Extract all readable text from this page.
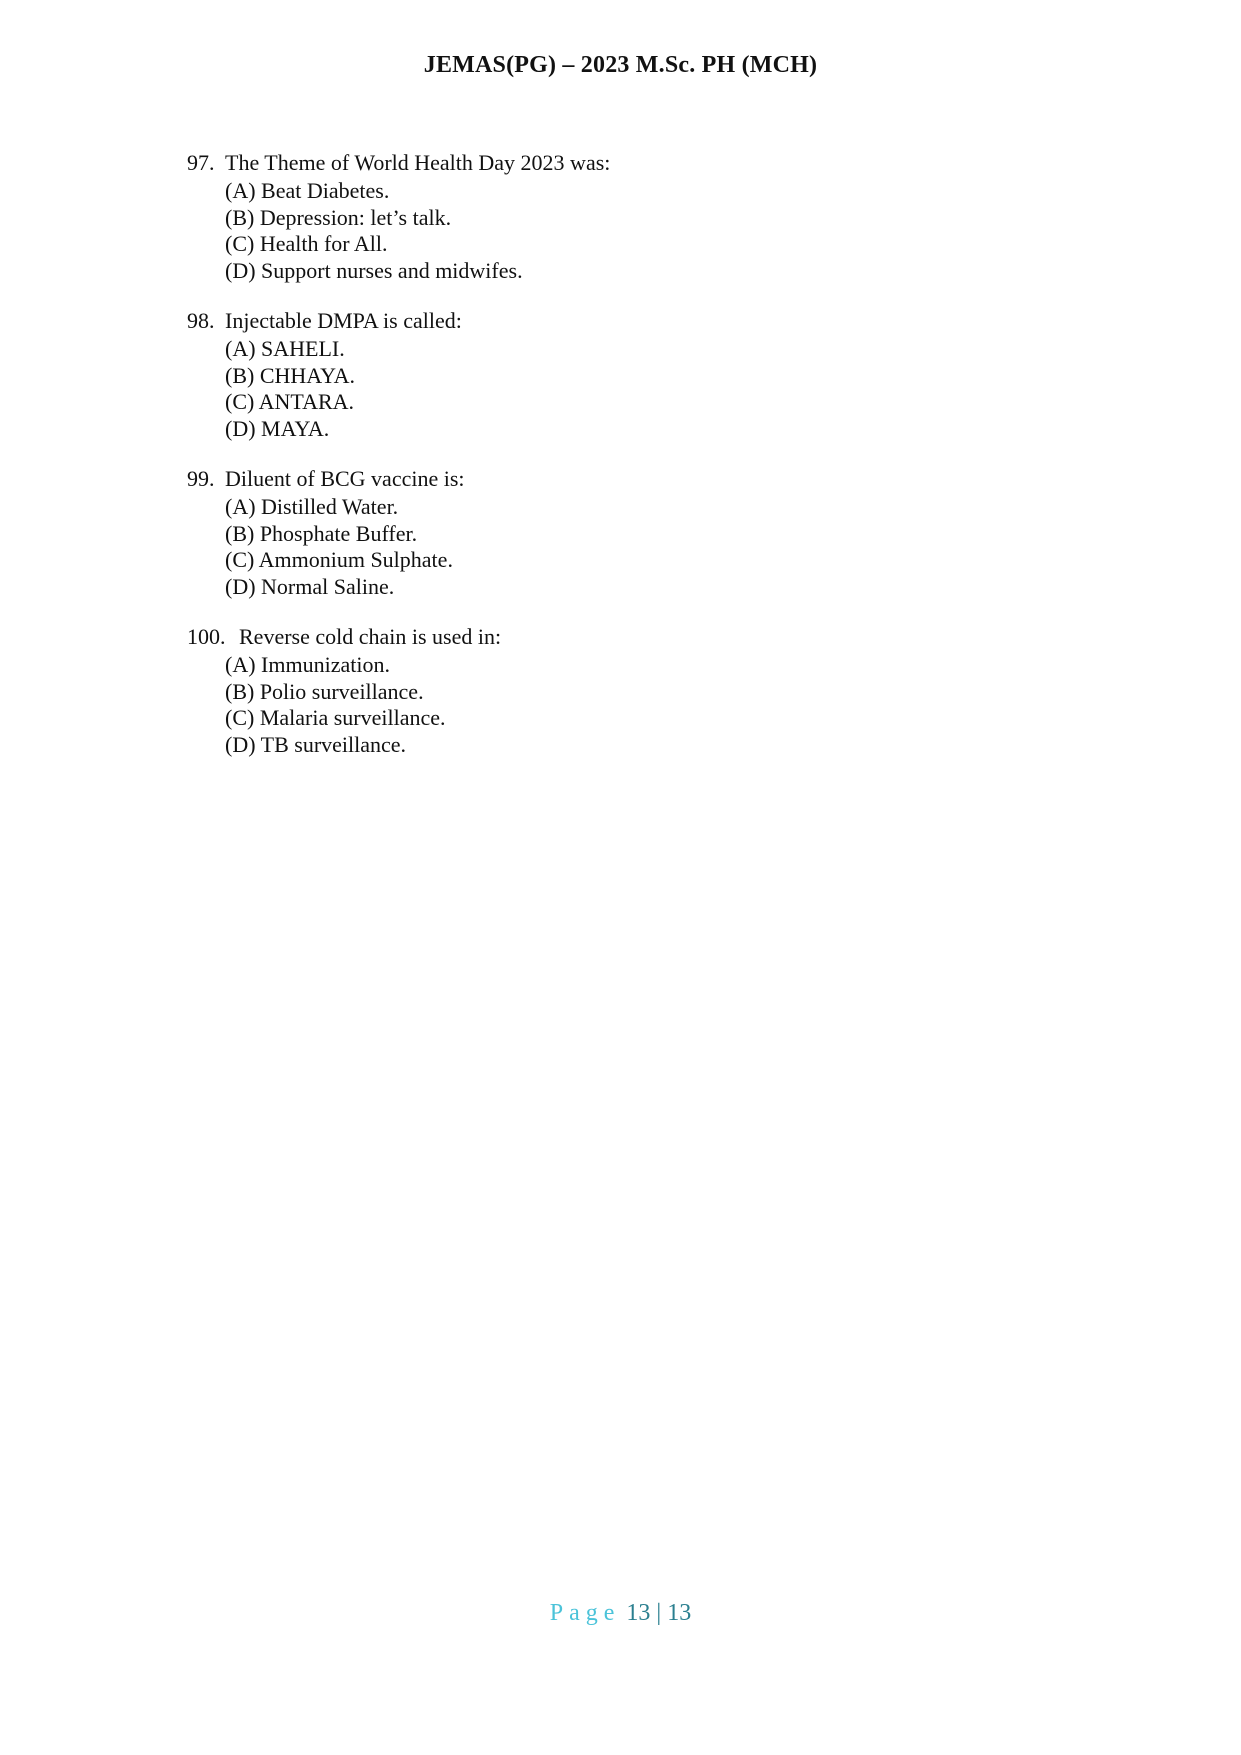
JEMAS(PG) – 2023 M.Sc. PH (MCH)
97. The Theme of World Health Day 2023 was:
(A) Beat Diabetes.
(B) Depression: let’s talk.
(C) Health for All.
(D) Support nurses and midwifes.
98. Injectable DMPA is called:
(A) SAHELI.
(B) CHHAYA.
(C) ANTARA.
(D) MAYA.
99. Diluent of BCG vaccine is:
(A) Distilled Water.
(B) Phosphate Buffer.
(C) Ammonium Sulphate.
(D) Normal Saline.
100. Reverse cold chain is used in:
(A) Immunization.
(B) Polio surveillance.
(C) Malaria surveillance.
(D) TB surveillance.
Page 13 | 13
